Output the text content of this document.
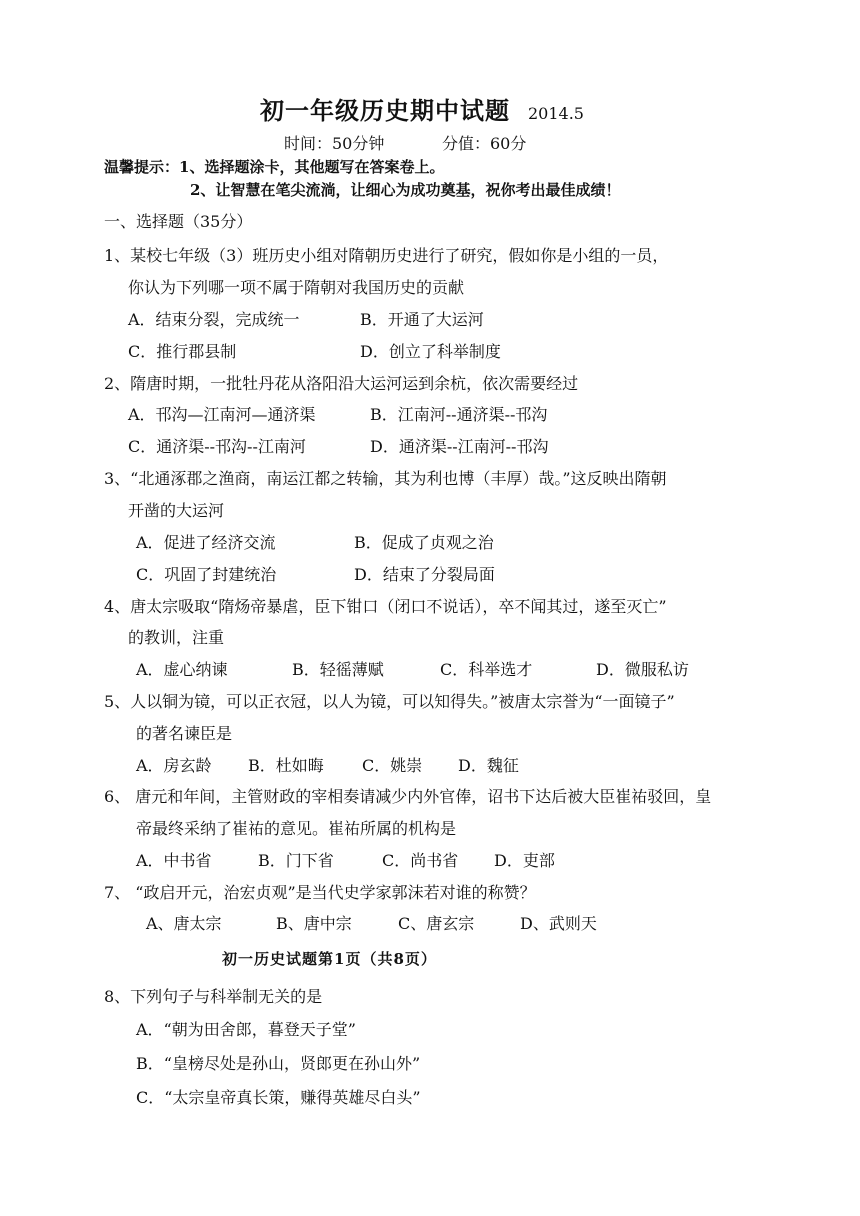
初一年级历史期中试题 2014.5
时间：50分钟	分值：60分
温馨提示：1、选择题涂卡，其他题写在答案卷上。
2、让智慧在笔尖流淌，让细心为成功奠基，祝你考出最佳成绩！
一、选择题（35分）
1、某校七年级（3）班历史小组对隋朝历史进行了研究，假如你是小组的一员，
你认为下列哪一项不属于隋朝对我国历史的贡献
A．结束分裂，完成统一	B．开通了大运河
C．推行郡县制	D．创立了科举制度
2、隋唐时期，一批牡丹花从洛阳沿大运河运到余杭，依次需要经过
A．邗沟—江南河—通济渠	B．江南河--通济渠--邗沟
C．通济渠--邗沟--江南河	D．通济渠--江南河--邗沟
3、“北通涿郡之渔商，南运江都之转输，其为利也博（丰厚）哉。”这反映出隋朝
开凿的大运河
A．促进了经济交流	B．促成了贞观之治
C．巩固了封建统治	D．结束了分裂局面
4、唐太宗吸取“隋炀帝暴虐，臣下钳口（闭口不说话），卒不闻其过，遂至灭亡”
的教训，注重
A．虚心纳谏	B．轻徭薄赋	C．科举选才	D．微服私访
5、人以铜为镜，可以正衣冠，以人为镜，可以知得失。”被唐太宗誉为“一面镜子”
的著名谏臣是
A．房玄龄 B．杜如晦 C．姚崇 D．魏征
6、 唐元和年间，主管财政的宰相奏请减少内外官俸，诏书下达后被大臣崔祐驳回，皇
帝最终采纳了崔祐的意见。崔祐所属的机构是
A．中书省	B．门下省	C．尚书省 D．吏部
7、 “政启开元，治宏贞观”是当代史学家郭沫若对谁的称赞？
A、唐太宗	B、唐中宗	C、唐玄宗	D、武则天
初一历史试题第1页（共8页）
8、下列句子与科举制无关的是
A．“朝为田舍郎，暮登天子堂”
B．“皇榜尽处是孙山，贤郎更在孙山外”
C．“太宗皇帝真长策，赚得英雄尽白头”
